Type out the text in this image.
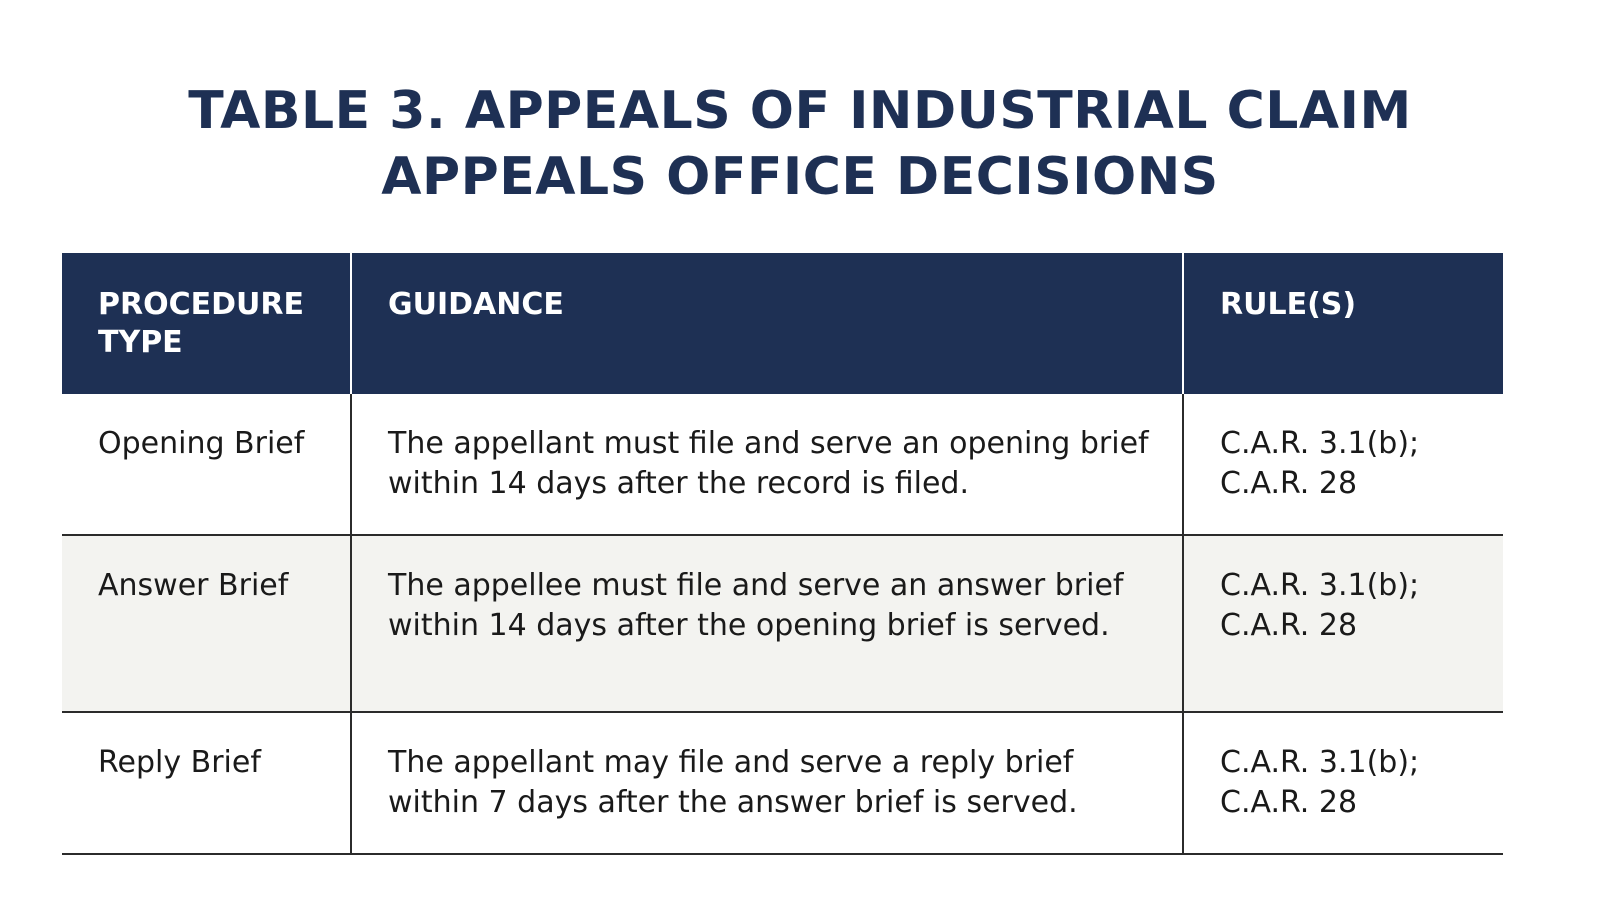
TABLE 3. APPEALS OF INDUSTRIAL CLAIM
APPEALS OFFICE DECISIONS
PROCEDURE TYPE	GUIDANCE	RULE(S)
Opening Brief	The appellant must file and serve an opening brief within 14 days after the record is filed.	C.A.R. 3.1(b);
C.A.R. 28

Answer Brief	The appellee must file and serve an answer brief within 14 days after the opening brief is served.	C.A.R. 3.1(b);
C.A.R. 28

Reply Brief	The appellant may file and serve a reply brief within 7 days after the answer brief is served.	C.A.R. 3.1(b);
C.A.R. 28
